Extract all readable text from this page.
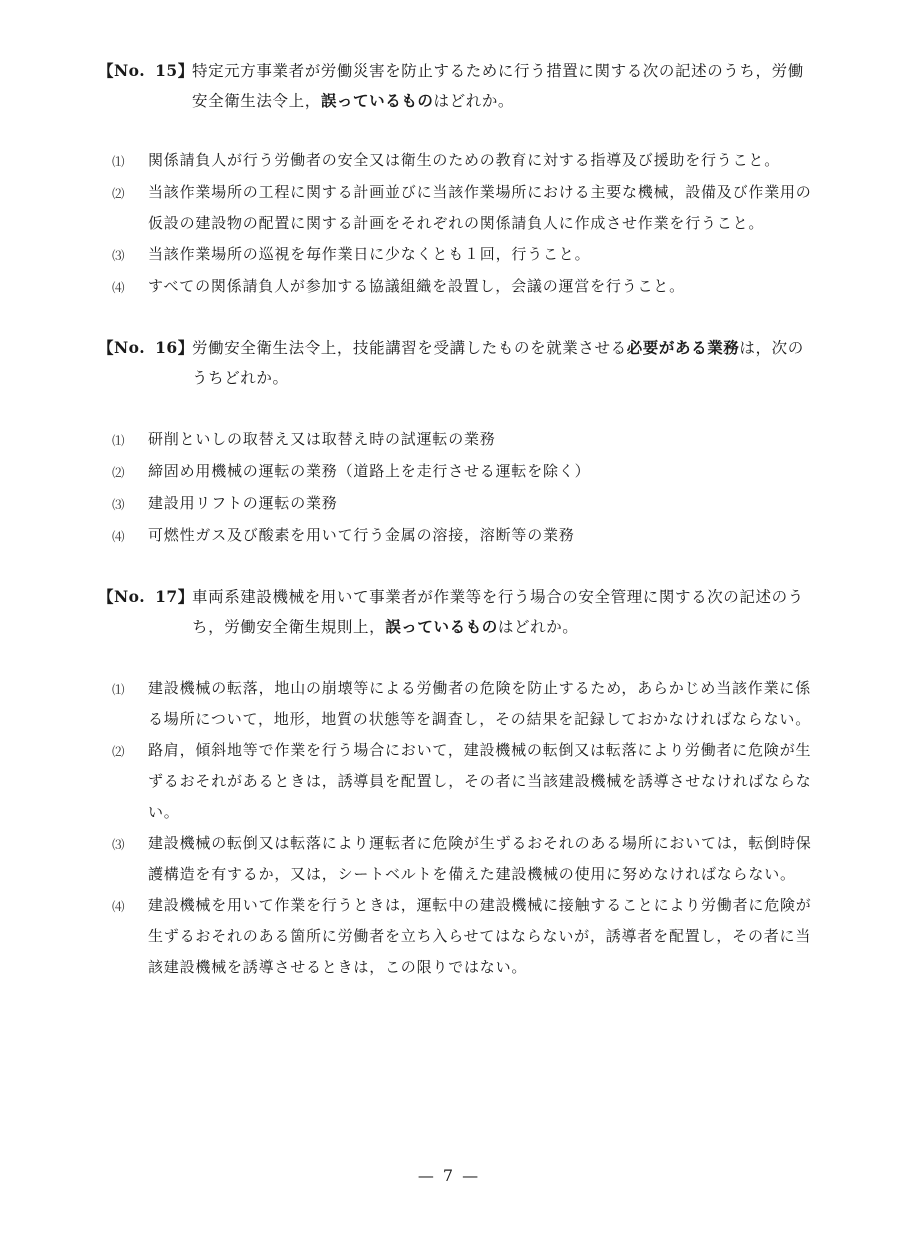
【No. 15】
特定元方事業者が労働災害を防止するために行う措置に関する次の記述のうち，労働安全衛生法令上，誤っているものはどれか。
⑴	関係請負人が行う労働者の安全又は衛生のための教育に対する指導及び援助を行うこと。
⑵	当該作業場所の工程に関する計画並びに当該作業場所における主要な機械，設備及び作業用の仮設の建設物の配置に関する計画をそれぞれの関係請負人に作成させ作業を行うこと。
⑶	当該作業場所の巡視を毎作業日に少なくとも１回，行うこと。
⑷	すべての関係請負人が参加する協議組織を設置し，会議の運営を行うこと。
【No. 16】
労働安全衛生法令上，技能講習を受講したものを就業させる必要がある業務は，次のうちどれか。
⑴	研削といしの取替え又は取替え時の試運転の業務
⑵	締固め用機械の運転の業務（道路上を走行させる運転を除く）
⑶	建設用リフトの運転の業務
⑷	可燃性ガス及び酸素を用いて行う金属の溶接，溶断等の業務
【No. 17】
車両系建設機械を用いて事業者が作業等を行う場合の安全管理に関する次の記述のうち，労働安全衛生規則上，誤っているものはどれか。
⑴	建設機械の転落，地山の崩壊等による労働者の危険を防止するため，あらかじめ当該作業に係る場所について，地形，地質の状態等を調査し，その結果を記録しておかなければならない。
⑵	路肩，傾斜地等で作業を行う場合において，建設機械の転倒又は転落により労働者に危険が生ずるおそれがあるときは，誘導員を配置し，その者に当該建設機械を誘導させなければならない。
⑶	建設機械の転倒又は転落により運転者に危険が生ずるおそれのある場所においては，転倒時保護構造を有するか，又は，シートベルトを備えた建設機械の使用に努めなければならない。
⑷	建設機械を用いて作業を行うときは，運転中の建設機械に接触することにより労働者に危険が生ずるおそれのある箇所に労働者を立ち入らせてはならないが，誘導者を配置し，その者に当該建設機械を誘導させるときは，この限りではない。
— 7 —
